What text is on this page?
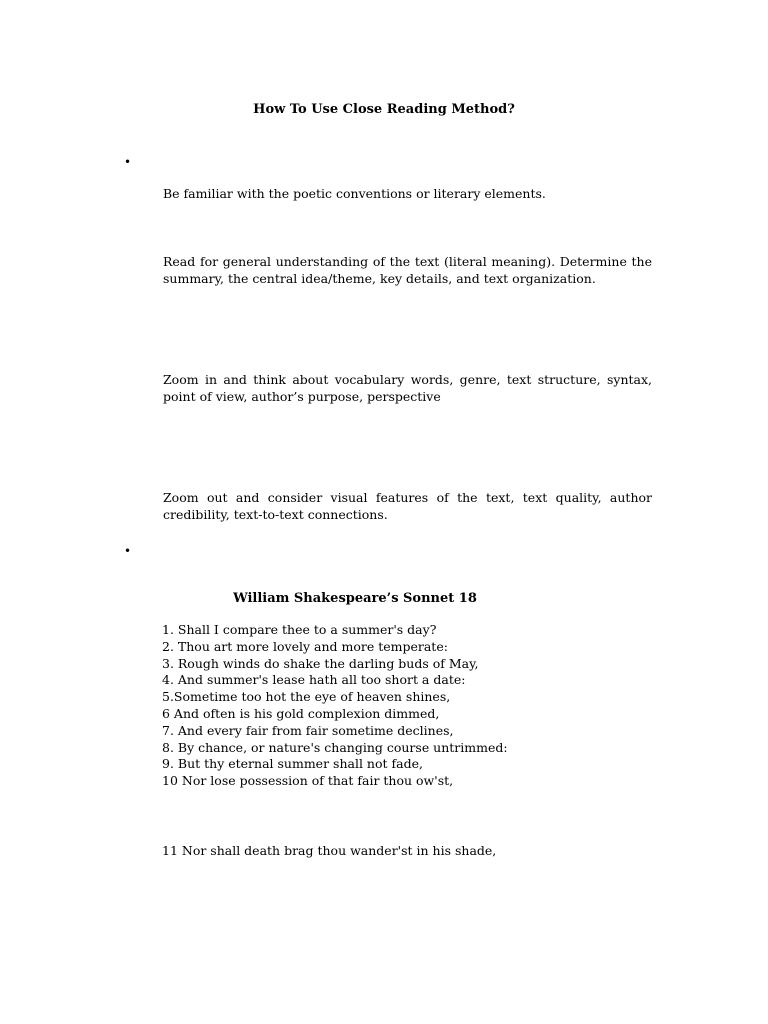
How To Use Close Reading Method?
•
Be familiar with the poetic conventions or literary elements.
Read for general understanding of the text (literal meaning). Determine the summary, the central idea/theme, key details, and text organization.
Zoom in and think about vocabulary words, genre, text structure, syntax, point of view, author’s purpose, perspective
Zoom out and consider visual features of the text, text quality, author credibility, text-to-text connections.
•
William Shakespeare’s Sonnet 18
1. Shall I compare thee to a summer's day?
2. Thou art more lovely and more temperate:
3. Rough winds do shake the darling buds of May,
4. And summer's lease hath all too short a date:
5.Sometime too hot the eye of heaven shines,
6 And often is his gold complexion dimmed,
7. And every fair from fair sometime declines,
8. By chance, or nature's changing course untrimmed:
9. But thy eternal summer shall not fade,
10 Nor lose possession of that fair thou ow'st,
11 Nor shall death brag thou wander'st in his shade,
